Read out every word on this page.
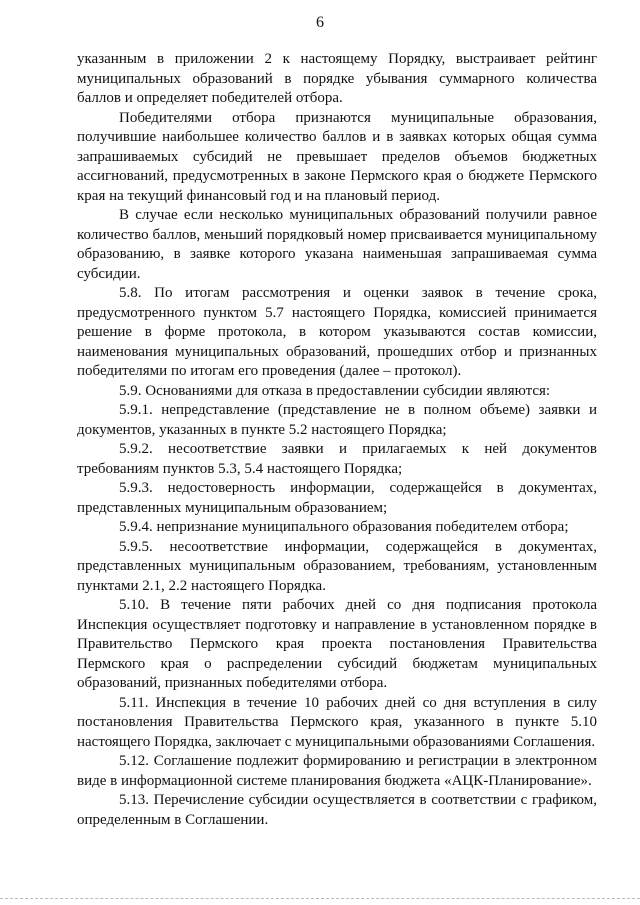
6

указанным в приложении 2 к настоящему Порядку, выстраивает рейтинг муниципальных образований в порядке убывания суммарного количества баллов и определяет победителей отбора.

Победителями отбора признаются муниципальные образования, получившие наибольшее количество баллов и в заявках которых общая сумма запрашиваемых субсидий не превышает пределов объемов бюджетных ассигнований, предусмотренных в законе Пермского края о бюджете Пермского края на текущий финансовый год и на плановый период.

В случае если несколько муниципальных образований получили равное количество баллов, меньший порядковый номер присваивается муниципальному образованию, в заявке которого указана наименьшая запрашиваемая сумма субсидии.

5.8. По итогам рассмотрения и оценки заявок в течение срока, предусмотренного пунктом 5.7 настоящего Порядка, комиссией принимается решение в форме протокола, в котором указываются состав комиссии, наименования муниципальных образований, прошедших отбор и признанных победителями по итогам его проведения (далее – протокол).

5.9. Основаниями для отказа в предоставлении субсидии являются:

5.9.1. непредставление (представление не в полном объеме) заявки и документов, указанных в пункте 5.2 настоящего Порядка;

5.9.2. несоответствие заявки и прилагаемых к ней документов требованиям пунктов 5.3, 5.4 настоящего Порядка;

5.9.3. недостоверность информации, содержащейся в документах, представленных муниципальным образованием;

5.9.4. непризнание муниципального образования победителем отбора;

5.9.5. несоответствие информации, содержащейся в документах, представленных муниципальным образованием, требованиям, установленным пунктами 2.1, 2.2 настоящего Порядка.

5.10. В течение пяти рабочих дней со дня подписания протокола Инспекция осуществляет подготовку и направление в установленном порядке в Правительство Пермского края проекта постановления Правительства Пермского края о распределении субсидий бюджетам муниципальных образований, признанных победителями отбора.

5.11. Инспекция в течение 10 рабочих дней со дня вступления в силу постановления Правительства Пермского края, указанного в пункте 5.10 настоящего Порядка, заключает с муниципальными образованиями Соглашения.

5.12. Соглашение подлежит формированию и регистрации в электронном виде в информационной системе планирования бюджета «АЦК-Планирование».

5.13. Перечисление субсидии осуществляется в соответствии с графиком, определенным в Соглашении.
